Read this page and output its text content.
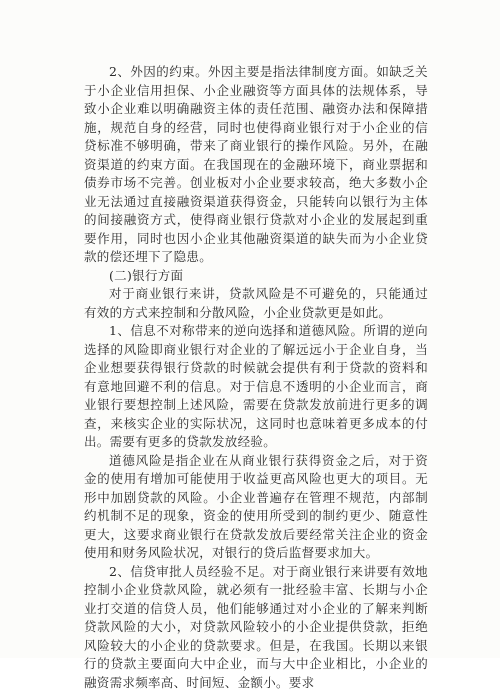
2、外因的约束。外因主要是指法律制度方面。如缺乏关于小企业信用担保、小企业融资等方面具体的法规体系，导致小企业难以明确融资主体的责任范围、融资办法和保障措施，规范自身的经营，同时也使得商业银行对于小企业的信贷标准不够明确，带来了商业银行的操作风险。另外，在融资渠道的约束方面。在我国现在的金融环境下，商业票据和债券市场不完善。创业板对小企业要求较高，绝大多数小企业无法通过直接融资渠道获得资金，只能转向以银行为主体的间接融资方式，使得商业银行贷款对小企业的发展起到重要作用，同时也因小企业其他融资渠道的缺失而为小企业贷款的偿还埋下了隐患。

(二)银行方面

对于商业银行来讲，贷款风险是不可避免的，只能通过有效的方式来控制和分散风险，小企业贷款更是如此。

1、信息不对称带来的逆向选择和道德风险。所谓的逆向选择的风险即商业银行对企业的了解远远小于企业自身，当企业想要获得银行贷款的时候就会提供有利于贷款的资料和有意地回避不利的信息。对于信息不透明的小企业而言，商业银行要想控制上述风险，需要在贷款发放前进行更多的调查，来核实企业的实际状况，这同时也意味着更多成本的付出。需要有更多的贷款发放经验。

道德风险是指企业在从商业银行获得资金之后，对于资金的使用有增加可能使用于收益更高风险也更大的项目。无形中加剧贷款的风险。小企业普遍存在管理不规范，内部制约机制不足的现象，资金的使用所受到的制约更少、随意性更大，这要求商业银行在贷款发放后要经常关注企业的资金使用和财务风险状况，对银行的贷后监督要求加大。

2、信贷审批人员经验不足。对于商业银行来讲要有效地控制小企业贷款风险，就必须有一批经验丰富、长期与小企业打交道的信贷人员，他们能够通过对小企业的了解来判断贷款风险的大小，对贷款风险较小的小企业提供贷款，拒绝风险较大的小企业的贷款要求。但是，在我国。长期以来银行的贷款主要面向大中企业，而与大中企业相比，小企业的融资需求频率高、时间短、金额小。要求
